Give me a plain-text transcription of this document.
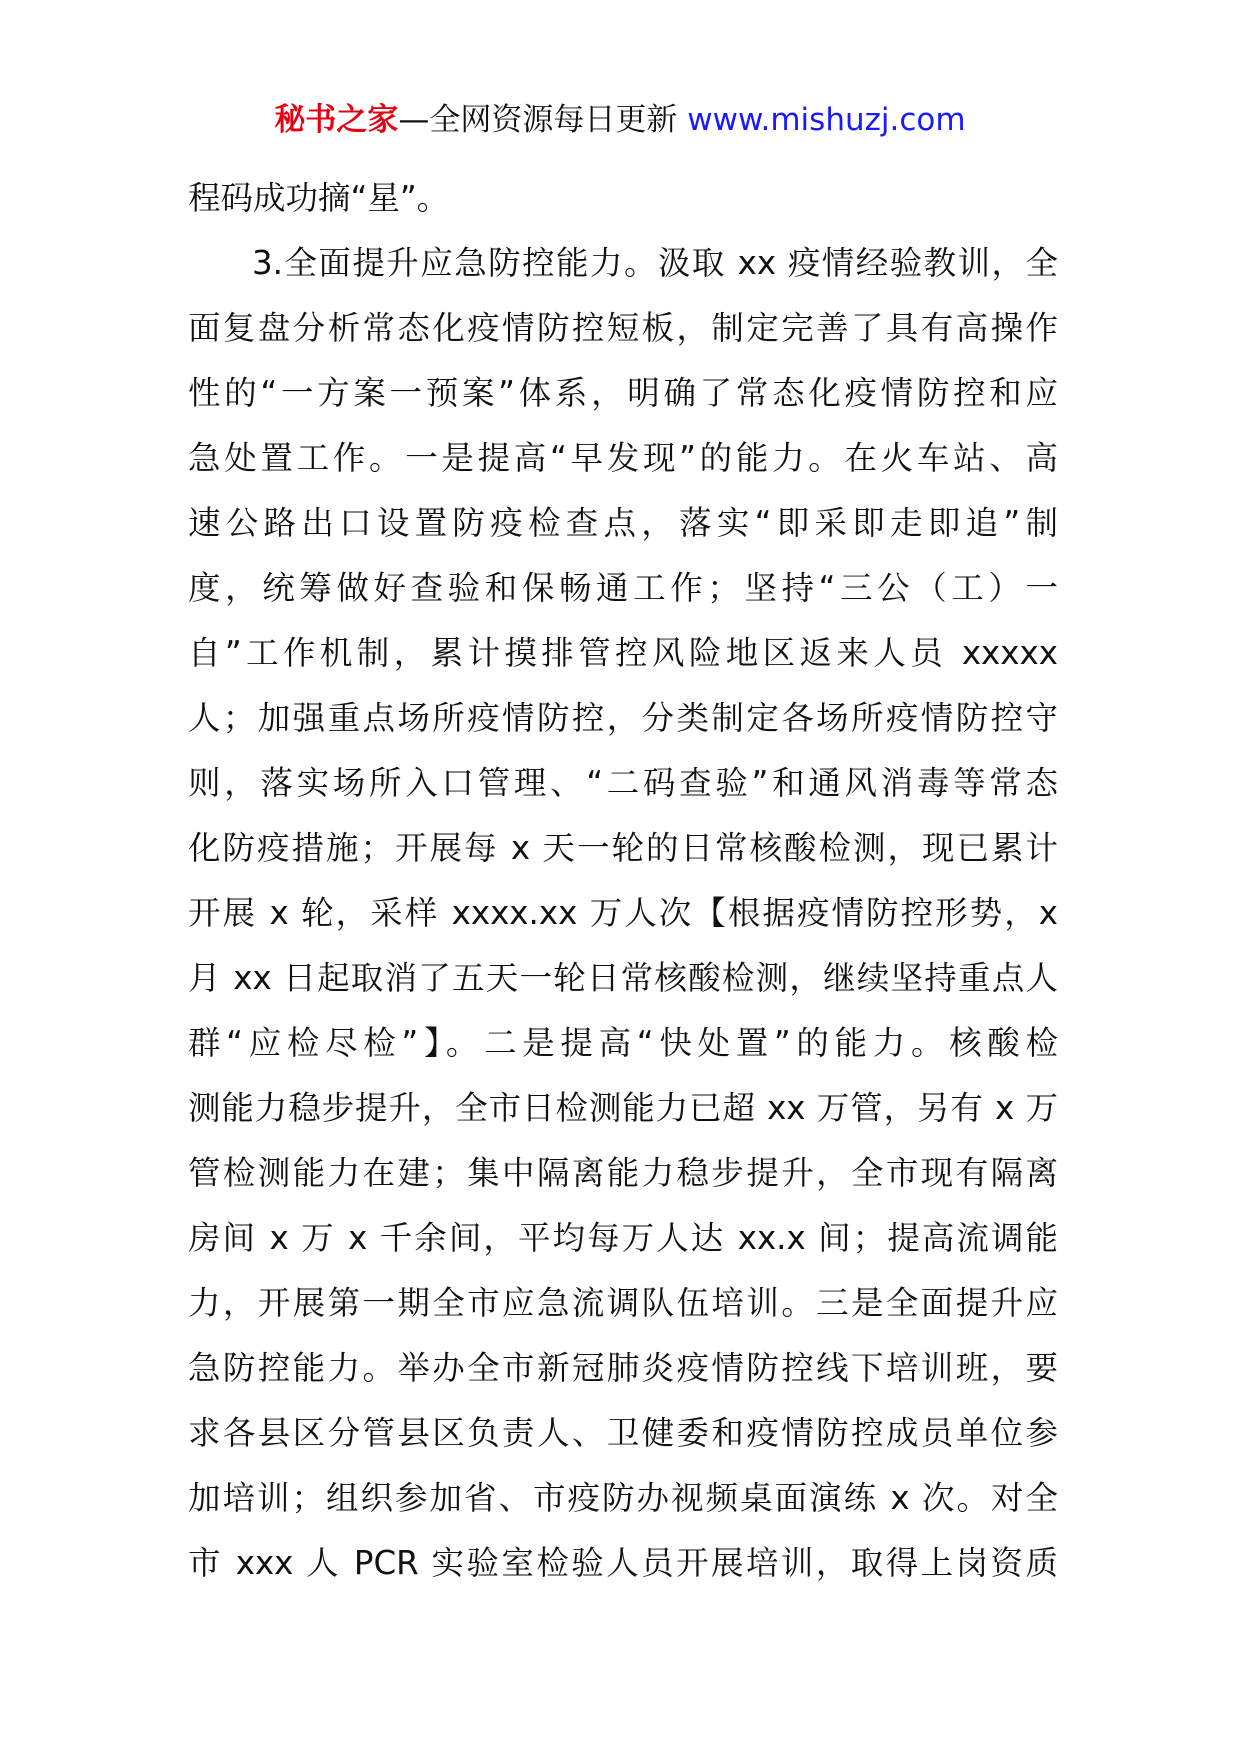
秘书之家—全网资源每日更新 www.mishuzj.com
程码成功摘“星”。
3.全面提升应急防控能力。汲取 xx 疫情经验教训，全
面复盘分析常态化疫情防控短板，制定完善了具有高操作
性的“一方案一预案”体系，明确了常态化疫情防控和应
急处置工作。一是提高“早发现”的能力。在火车站、高
速公路出口设置防疫检查点，落实“即采即走即追”制
度，统筹做好查验和保畅通工作；坚持“三公（工）一
自”工作机制，累计摸排管控风险地区返来人员 xxxxx
人；加强重点场所疫情防控，分类制定各场所疫情防控守
则，落实场所入口管理、“二码查验”和通风消毒等常态
化防疫措施；开展每 x 天一轮的日常核酸检测，现已累计
开展 x 轮，采样 xxxx.xx 万人次【根据疫情防控形势，x
月 xx 日起取消了五天一轮日常核酸检测，继续坚持重点人
群“应检尽检”】。二是提高“快处置”的能力。核酸检
测能力稳步提升，全市日检测能力已超 xx 万管，另有 x 万
管检测能力在建；集中隔离能力稳步提升，全市现有隔离
房间 x 万 x 千余间，平均每万人达 xx.x 间；提高流调能
力，开展第一期全市应急流调队伍培训。三是全面提升应
急防控能力。举办全市新冠肺炎疫情防控线下培训班，要
求各县区分管县区负责人、卫健委和疫情防控成员单位参
加培训；组织参加省、市疫防办视频桌面演练 x 次。对全
市 xxx 人 PCR 实验室检验人员开展培训，取得上岗资质
